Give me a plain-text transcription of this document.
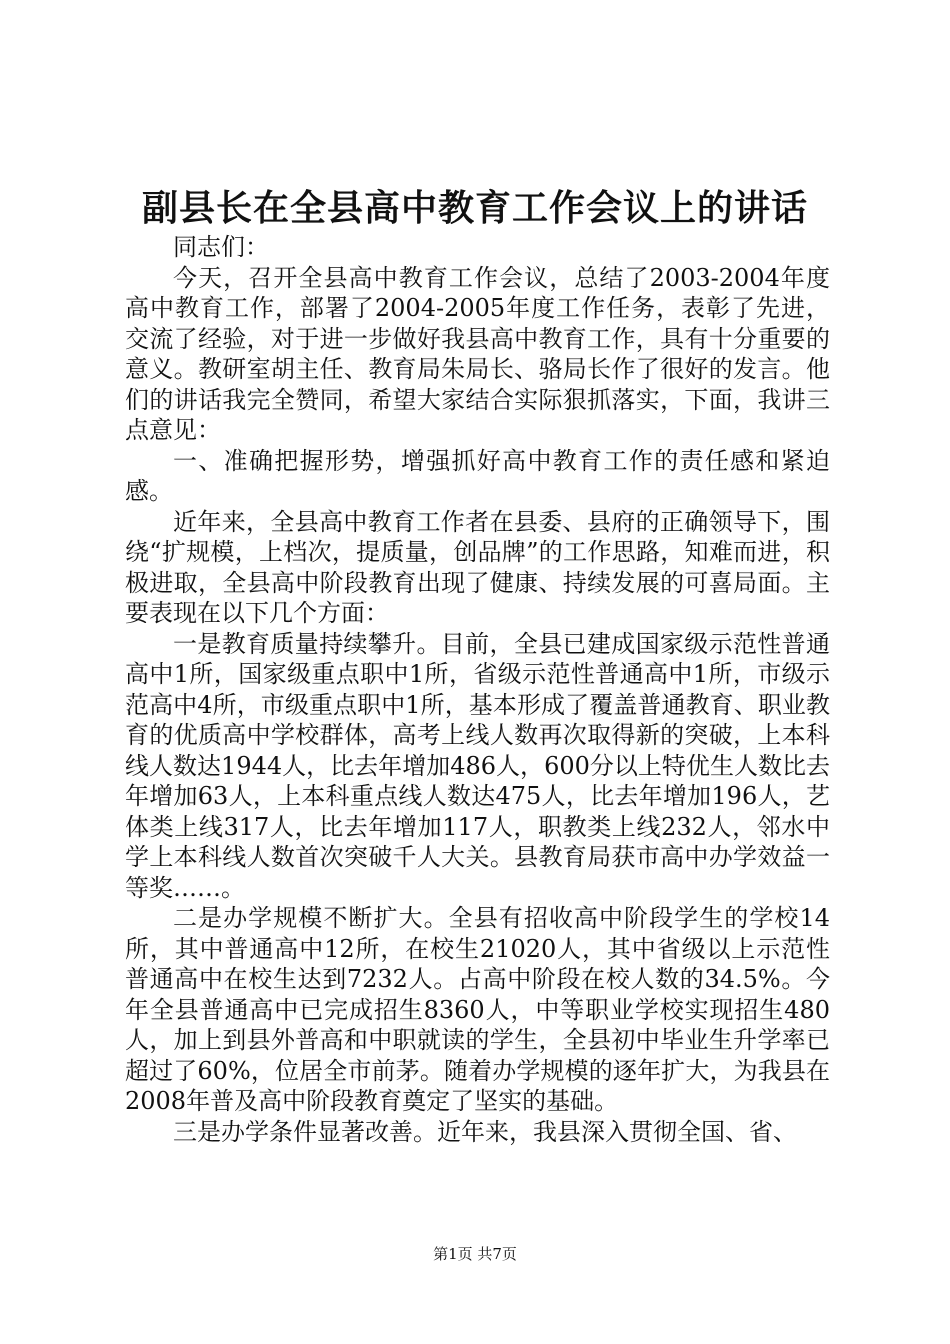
副县长在全县高中教育工作会议上的讲话

同志们：

今天，召开全县高中教育工作会议，总结了2003-2004年度高中教育工作，部署了2004-2005年度工作任务，表彰了先进，交流了经验，对于进一步做好我县高中教育工作，具有十分重要的意义。教研室胡主任、教育局朱局长、骆局长作了很好的发言。他们的讲话我完全赞同，希望大家结合实际狠抓落实，下面，我讲三点意见：

一、准确把握形势，增强抓好高中教育工作的责任感和紧迫感。

近年来，全县高中教育工作者在县委、县府的正确领导下，围绕“扩规模，上档次，提质量，创品牌”的工作思路，知难而进，积极进取，全县高中阶段教育出现了健康、持续发展的可喜局面。主要表现在以下几个方面：

一是教育质量持续攀升。目前，全县已建成国家级示范性普通高中1所，国家级重点职中1所，省级示范性普通高中1所，市级示范高中4所，市级重点职中1所，基本形成了覆盖普通教育、职业教育的优质高中学校群体，高考上线人数再次取得新的突破，上本科线人数达1944人，比去年增加486人，600分以上特优生人数比去年增加63人，上本科重点线人数达475人，比去年增加196人，艺体类上线317人，比去年增加117人，职教类上线232人，邻水中学上本科线人数首次突破千人大关。县教育局获市高中办学效益一等奖……。

二是办学规模不断扩大。全县有招收高中阶段学生的学校14所，其中普通高中12所，在校生21020人，其中省级以上示范性普通高中在校生达到7232人。占高中阶段在校人数的34.5%。今年全县普通高中已完成招生8360人，中等职业学校实现招生480人，加上到县外普高和中职就读的学生，全县初中毕业生升学率已超过了60%，位居全市前茅。随着办学规模的逐年扩大，为我县在2008年普及高中阶段教育奠定了坚实的基础。

三是办学条件显著改善。近年来，我县深入贯彻全国、省、

第1页 共7页
